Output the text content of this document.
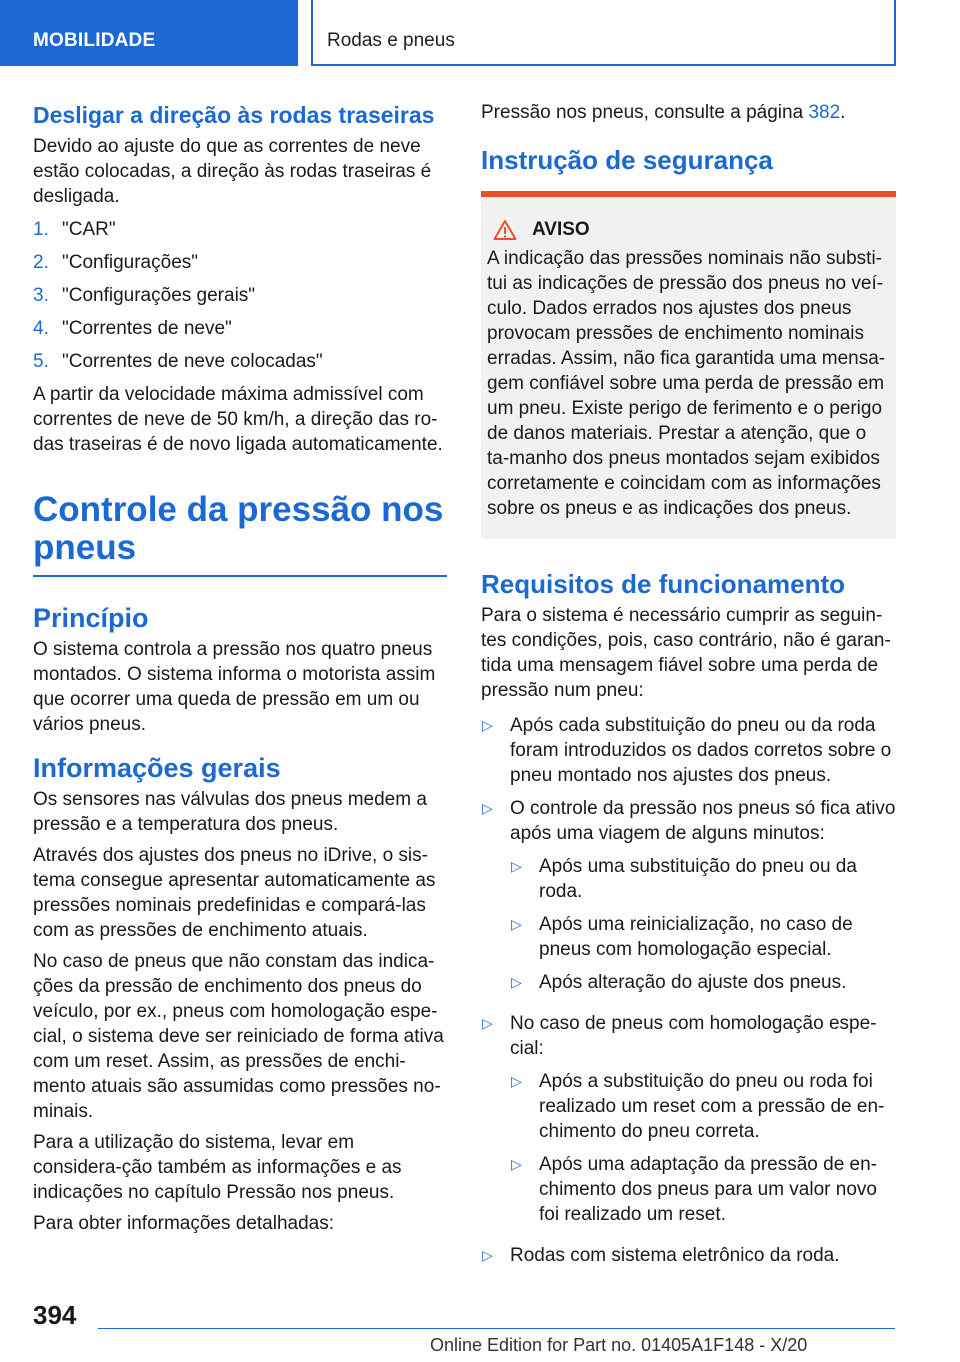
MOBILIDADE	Rodas e pneus
Desligar a direção às rodas traseiras

Devido ao ajuste do que as correntes de neve estão colocadas, a direção às rodas traseiras é desligada.

1. "CAR"
2. "Configurações"
3. "Configurações gerais"
4. "Correntes de neve"
5. "Correntes de neve colocadas"

A partir da velocidade máxima admissível com correntes de neve de 50 km/h, a direção das ro‐das traseiras é de novo ligada automaticamente.

Controle da pressão nos pneus
Princípio

O sistema controla a pressão nos quatro pneus montados. O sistema informa o motorista assim que ocorrer uma queda de pressão em um ou vários pneus.

Informações gerais

Os sensores nas válvulas dos pneus medem a pressão e a temperatura dos pneus.

Através dos ajustes dos pneus no iDrive, o sis‐tema consegue apresentar automaticamente as pressões nominais predefinidas e compará-las com as pressões de enchimento atuais.

No caso de pneus que não constam das indica‐ções da pressão de enchimento dos pneus do veículo, por ex., pneus com homologação espe‐cial, o sistema deve ser reiniciado de forma ativa com um reset. Assim, as pressões de enchi‐mento atuais são assumidas como pressões no‐minais.

Para a utilização do sistema, levar em considera‐ção também as informações e as indicações no capítulo Pressão nos pneus.

Para obter informações detalhadas:

Pressão nos pneus, consulte a página 382.

Instrução de segurança
AVISO

A indicação das pressões nominais não substi‐tui as indicações de pressão dos pneus no veí‐culo. Dados errados nos ajustes dos pneus provocam pressões de enchimento nominais erradas. Assim, não fica garantida uma mensa‐gem confiável sobre uma perda de pressão em um pneu. Existe perigo de ferimento e o perigo de danos materiais. Prestar a atenção, que o ta‐manho dos pneus montados sejam exibidos corretamente e coincidam com as informações sobre os pneus e as indicações dos pneus.

Requisitos de funcionamento

Para o sistema é necessário cumprir as seguin‐tes condições, pois, caso contrário, não é garan‐tida uma mensagem fiável sobre uma perda de pressão num pneu:

▷ Após cada substituição do pneu ou da roda foram introduzidos os dados corretos sobre o pneu montado nos ajustes dos pneus.
▷ O controle da pressão nos pneus só fica ativo após uma viagem de alguns minutos:
▷ Após uma substituição do pneu ou da roda.
▷ Após uma reinicialização, no caso de pneus com homologação especial.
▷ Após alteração do ajuste dos pneus.
▷ No caso de pneus com homologação espe‐cial:
▷ Após a substituição do pneu ou roda foi realizado um reset com a pressão de en‐chimento do pneu correta.
▷ Após uma adaptação da pressão de en‐chimento dos pneus para um valor novo foi realizado um reset.
▷ Rodas com sistema eletrônico da roda.
394
Online Edition for Part no. 01405A1F148 - X/20
